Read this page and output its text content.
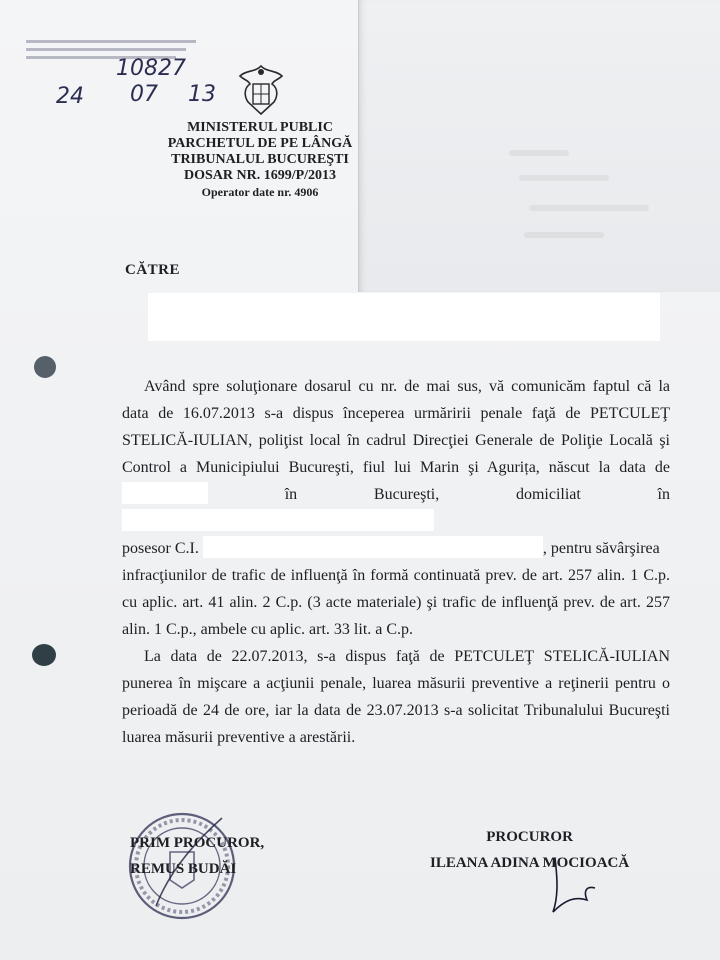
10827
24 07 13
MINISTERUL PUBLIC
PARCHETUL DE PE LÂNGĂ
TRIBUNALUL BUCUREŞTI
DOSAR NR. 1699/P/2013
Operator date nr. 4906
CĂTRE

Având spre soluţionare dosarul cu nr. de mai sus, vă comunicăm faptul că la

data de 16.07.2013 s-a dispus începerea urmăririi penale faţă de PETCULEŢ

STELICĂ-IULIAN, poliţist local în cadrul Direcţiei Generale de Poliţie Locală şi

Control a Municipiului Bucureşti, fiul lui Marin şi Agurița, născut la data de

în Bucureşti, domiciliat în

posesor C.I.	, pentru săvârşirea

infracţiunilor de trafic de influenţă în formă continuată prev. de art. 257 alin. 1 C.p.

cu aplic. art. 41 alin. 2 C.p. (3 acte materiale) şi trafic de influenţă prev. de art. 257

alin. 1 C.p., ambele cu aplic. art. 33 lit. a C.p.

La data de 22.07.2013, s-a dispus faţă de PETCULEŢ STELICĂ-IULIAN

punerea în mişcare a acţiunii penale, luarea măsurii preventive a reţinerii pentru o

perioadă de 24 de ore, iar la data de 23.07.2013 s-a solicitat Tribunalului Bucureşti

luarea măsurii preventive a arestării.

PRIM PROCUROR,
REMUS BUDĂI
PROCUROR
ILEANA ADINA MOCIOACĂ
